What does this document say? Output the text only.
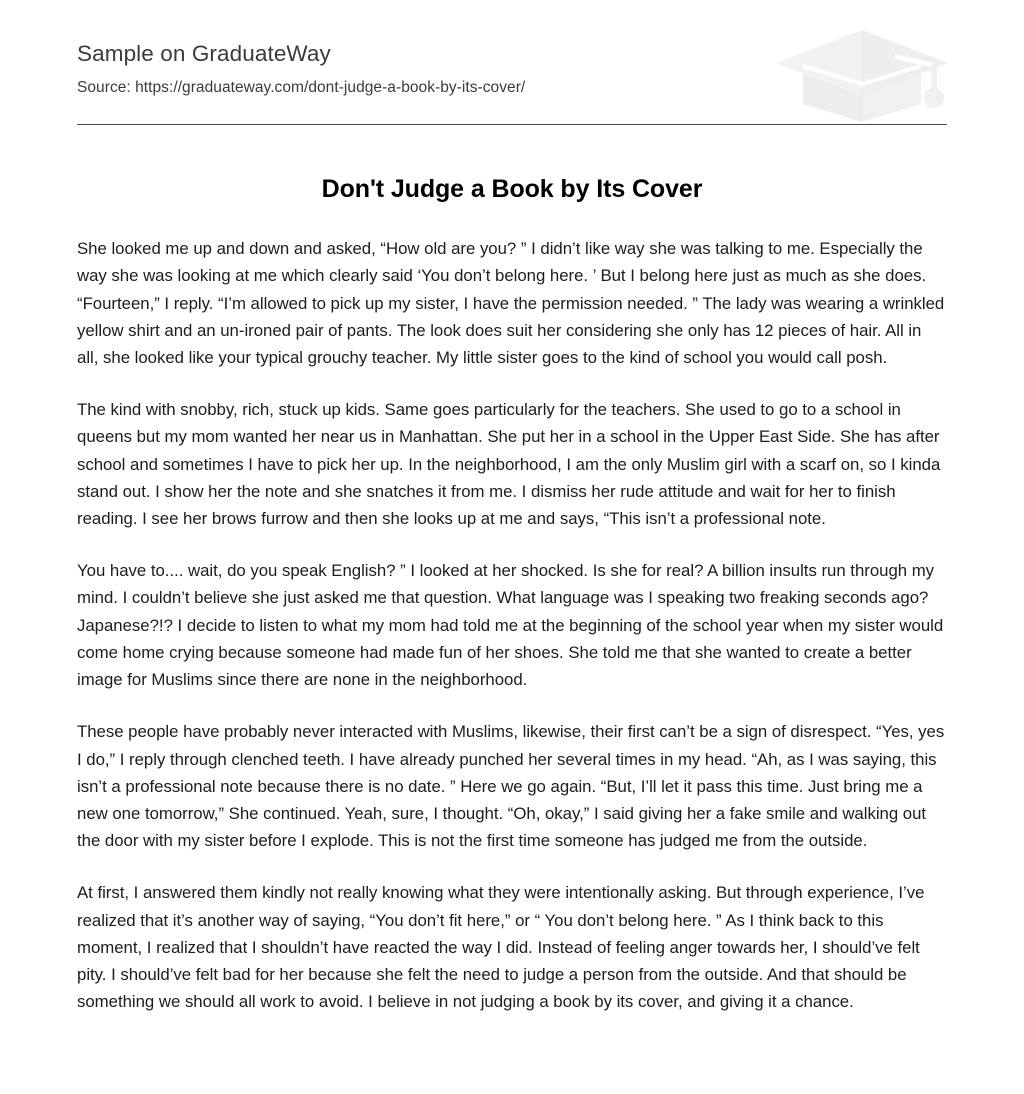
Sample on GraduateWay
Source: https://graduateway.com/dont-judge-a-book-by-its-cover/
Don't Judge a Book by Its Cover

She looked me up and down and asked, “How old are you? ” I didn’t like way she was talking to me. Especially the way she was looking at me which clearly said ‘You don’t belong here. ’ But I belong here just as much as she does. “Fourteen,” I reply. “I’m allowed to pick up my sister, I have the permission needed. ” The lady was wearing a wrinkled yellow shirt and an un-ironed pair of pants. The look does suit her considering she only has 12 pieces of hair. All in all, she looked like your typical grouchy teacher. My little sister goes to the kind of school you would call posh.

The kind with snobby, rich, stuck up kids. Same goes particularly for the teachers. She used to go to a school in queens but my mom wanted her near us in Manhattan. She put her in a school in the Upper East Side. She has after school and sometimes I have to pick her up. In the neighborhood, I am the only Muslim girl with a scarf on, so I kinda stand out. I show her the note and she snatches it from me. I dismiss her rude attitude and wait for her to finish reading. I see her brows furrow and then she looks up at me and says, “This isn’t a professional note.

You have to.... wait, do you speak English? ” I looked at her shocked. Is she for real? A billion insults run through my mind. I couldn’t believe she just asked me that question. What language was I speaking two freaking seconds ago? Japanese?!? I decide to listen to what my mom had told me at the beginning of the school year when my sister would come home crying because someone had made fun of her shoes. She told me that she wanted to create a better image for Muslims since there are none in the neighborhood.

These people have probably never interacted with Muslims, likewise, their first can’t be a sign of disrespect. “Yes, yes I do,” I reply through clenched teeth. I have already punched her several times in my head. “Ah, as I was saying, this isn’t a professional note because there is no date. ” Here we go again. “But, I’ll let it pass this time. Just bring me a new one tomorrow,” She continued. Yeah, sure, I thought. “Oh, okay,” I said giving her a fake smile and walking out the door with my sister before I explode. This is not the first time someone has judged me from the outside.

At first, I answered them kindly not really knowing what they were intentionally asking. But through experience, I’ve realized that it’s another way of saying, “You don’t fit here,” or “ You don’t belong here. ” As I think back to this moment, I realized that I shouldn’t have reacted the way I did. Instead of feeling anger towards her, I should’ve felt pity. I should’ve felt bad for her because she felt the need to judge a person from the outside. And that should be something we should all work to avoid. I believe in not judging a book by its cover, and giving it a chance.
